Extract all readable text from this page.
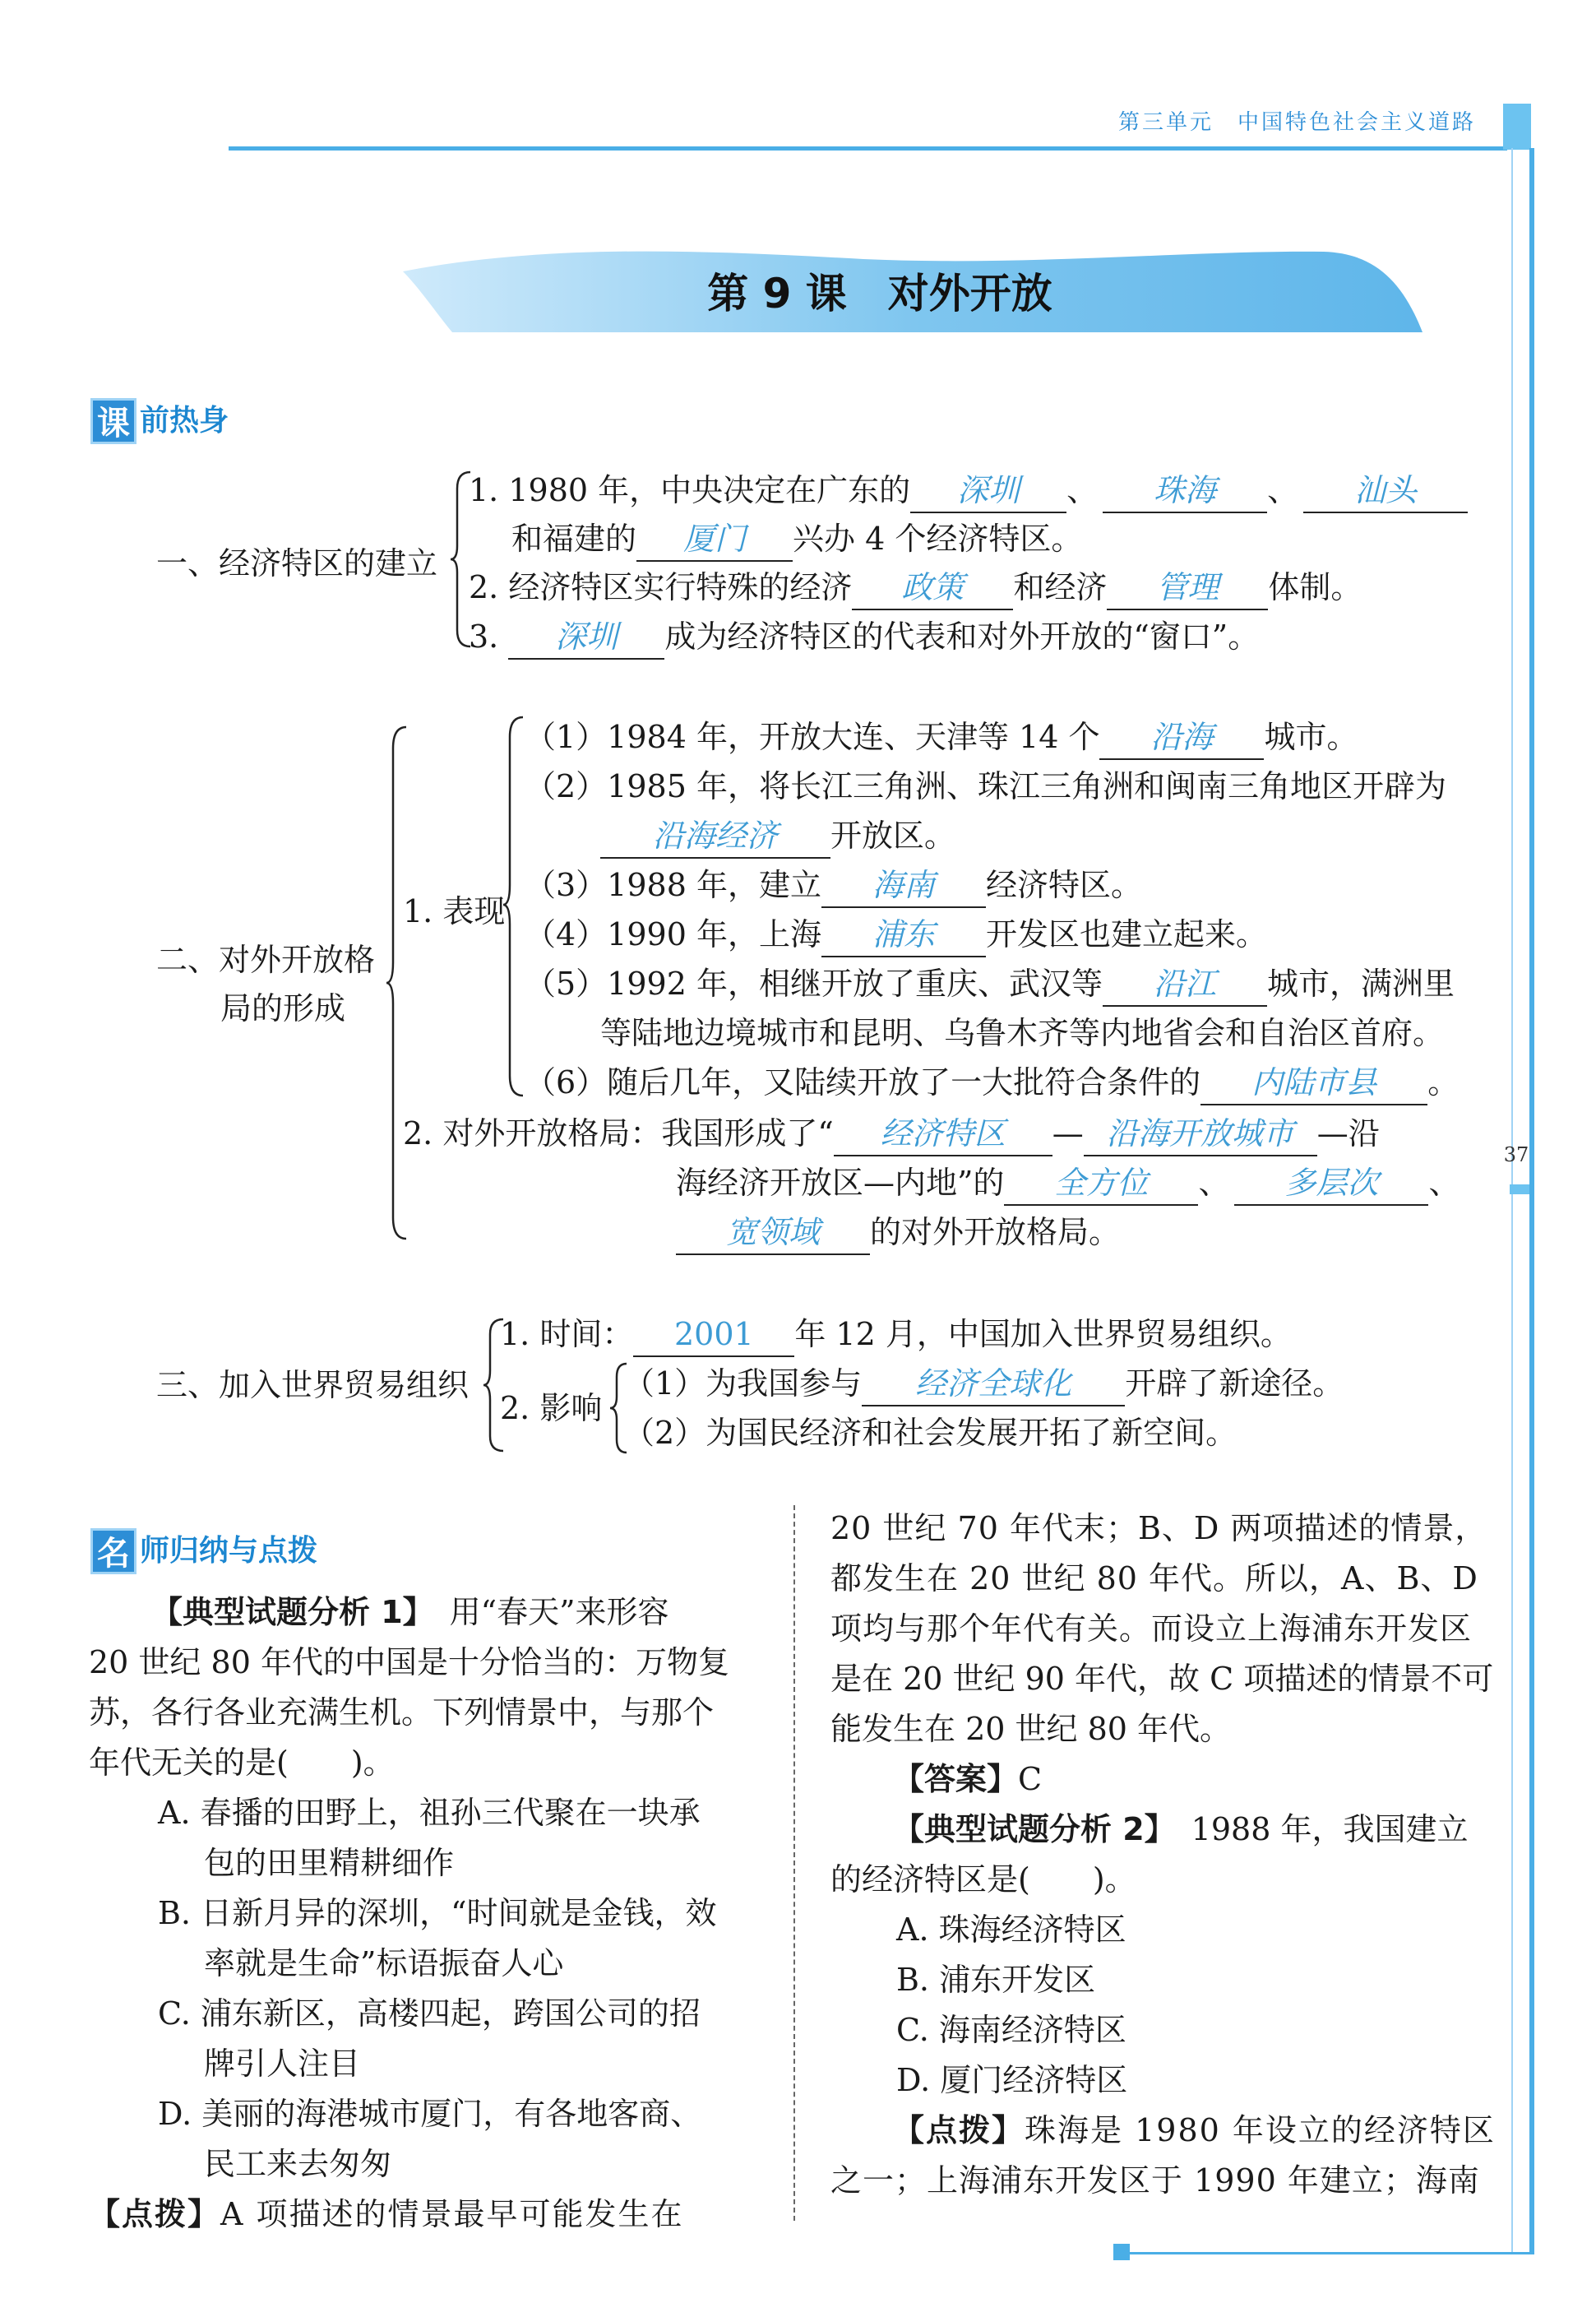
第三单元　中国特色社会主义道路
37
第 9 课　对外开放
课 前热身
一、经济特区的建立
1. 1980 年，中央决定在广东的 深圳 、 珠海 、 汕头
和福建的 厦门 兴办 4 个经济特区。
2. 经济特区实行特殊的经济 政策 和经济 管理 体制。
3. 深圳 成为经济特区的代表和对外开放的“窗口”。
二、对外开放格
局的形成
1. 表现
（1）1984 年，开放大连、天津等 14 个 沿海 城市。
（2）1985 年，将长江三角洲、珠江三角洲和闽南三角地区开辟为
沿海经济 开放区。
（3）1988 年，建立 海南 经济特区。
（4）1990 年，上海 浦东 开发区也建立起来。
（5）1992 年，相继开放了重庆、武汉等 沿江 城市，满洲里
等陆地边境城市和昆明、乌鲁木齐等内地省会和自治区首府。
（6）随后几年，又陆续开放了一大批符合条件的 内陆市县 。
2. 对外开放格局：我国形成了“ 经济特区 — 沿海开放城市 —沿
海经济开放区—内地”的 全方位 、 多层次 、
宽领域 的对外开放格局。
三、加入世界贸易组织
1. 时间： 2001 年 12 月，中国加入世界贸易组织。
2. 影响
（1）为我国参与 经济全球化 开辟了新途径。
（2）为国民经济和社会发展开拓了新空间。
名 师归纳与点拨

【典型试题分析 1】　用“春天”来形容

20 世纪 80 年代的中国是十分恰当的：万物复

苏，各行各业充满生机。下列情景中，与那个

年代无关的是(　　)。

A. 春播的田野上，祖孙三代聚在一块承

包的田里精耕细作

B. 日新月异的深圳，“时间就是金钱，效

率就是生命”标语振奋人心

C. 浦东新区，高楼四起，跨国公司的招

牌引人注目

D. 美丽的海港城市厦门，有各地客商、

民工来去匆匆

【点拨】A 项描述的情景最早可能发生在

20 世纪 70 年代末；B、D 两项描述的情景，

都发生在 20 世纪 80 年代。所以，A、B、D

项均与那个年代有关。而设立上海浦东开发区

是在 20 世纪 90 年代，故 C 项描述的情景不可

能发生在 20 世纪 80 年代。

【答案】C

【典型试题分析 2】　1988 年，我国建立

的经济特区是(　　)。

A. 珠海经济特区

B. 浦东开发区

C. 海南经济特区

D. 厦门经济特区

【点拨】珠海是 1980 年设立的经济特区

之一；上海浦东开发区于 1990 年建立；海南
